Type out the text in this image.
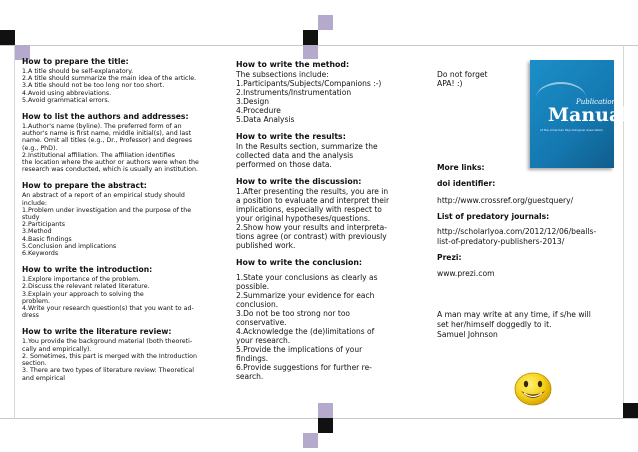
How to prepare the title:

1.A title should be self-explanatory.
2.A title should summarize the main idea of the article.
3.A title should not be too long nor too short.
4.Avoid using abbreviations.
5.Avoid grammatical errors.

How to list the authors and addresses:

1.Author's name (byline). The preferred form of an
author's name is first name, middle initial(s), and last
name. Omit all titles (e.g., Dr., Professor) and degrees
(e.g., PhD).
2.Institutional affiliation. The affiliation identifies
the location where the author or authors were when the
research was conducted, which is usually an institution.

How to prepare the abstract:

An abstract of a report of an empirical study should
include:
1.Problem under investigation and the purpose of the
study
2.Participants
3.Method
4.Basic findings
5.Conclusion and implications
6.Keywords

How to write the introduction:

1.Explore importance of the problem.
2.Discuss the relevant related literature.
3.Explain your approach to solving the
problem.
4.Write your research question(s) that you want to ad-
dress

How to write the literature review:

1.You provide the background material (both theoreti-
cally and empirically).
2. Sometimes, this part is merged with the Introduction
section.
3. There are two types of literature review: Theoretical
and empirical

How to write the method:

The subsections include:
1.Participants/Subjects/Companions :-)
2.Instruments/Instrumentation
3.Design
4.Procedure
5.Data Analysis

How to write the results:

In the Results section, summarize the
collected data and the analysis
performed on those data.

How to write the discussion:

1.After presenting the results, you are in
a position to evaluate and interpret their
implications, especially with respect to
your original hypotheses/questions.
2.Show how your results and interpreta-
tions agree (or contrast) with previously
published work.

How to write the conclusion:

1.State your conclusions as clearly as
possible.
2.Summarize your evidence for each
conclusion.
3.Do not be too strong nor too
conservative.
4.Acknowledge the (de)limitations of
your research.
5.Provide the implications of your
findings.
6.Provide suggestions for further re-
search.

Do not forget
APA! :)
More links:
doi identifier:
http://www.crossref.org/guestquery/
List of predatory journals:
http://scholarlyoa.com/2012/12/06/bealls-
list-of-predatory-publishers-2013/
Prezi:
www.prezi.com
Publication
Manual
of the American Psychological Association
A man may write at any time, if s/he will
set her/himself doggedly to it.
Samuel Johnson
